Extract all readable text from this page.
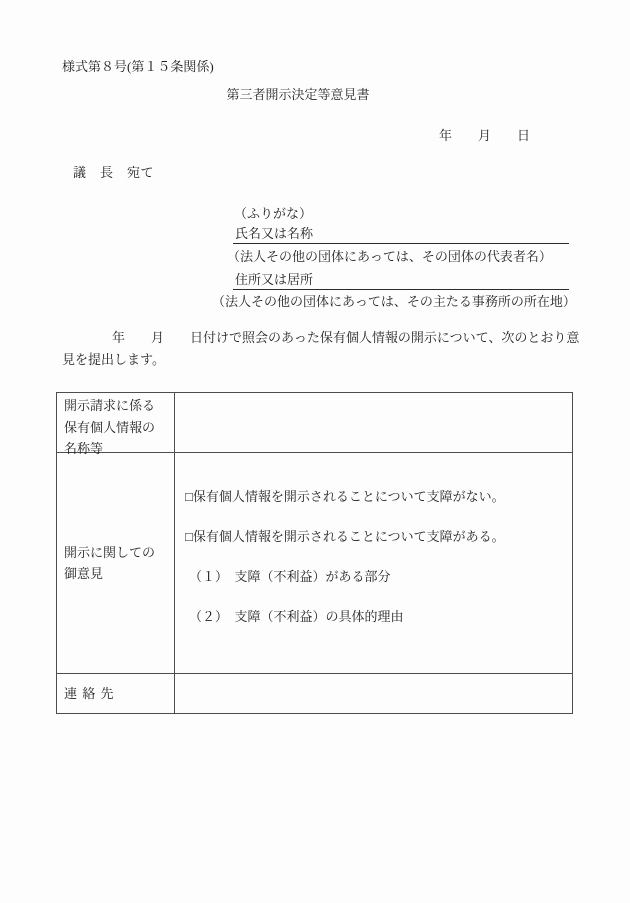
様式第８号(第１５条関係)
第三者開示決定等意見書
年　　月　　日
議　長　宛て
（ふりがな）
氏名又は名称
（法人その他の団体にあっては、その団体の代表者名）
住所又は居所
（法人その他の団体にあっては、その主たる事務所の所在地）
年　　月　　日付けで照会のあった保有個人情報の開示について、次のとおり意
見を提出します。
開示請求に係る
保有個人情報の
名称等
開示に関しての
御意見
□保有個人情報を開示されることについて支障がない。
□保有個人情報を開示されることについて支障がある。
（１）　支障（不利益）がある部分
（２）　支障（不利益）の具体的理由
連 絡 先
